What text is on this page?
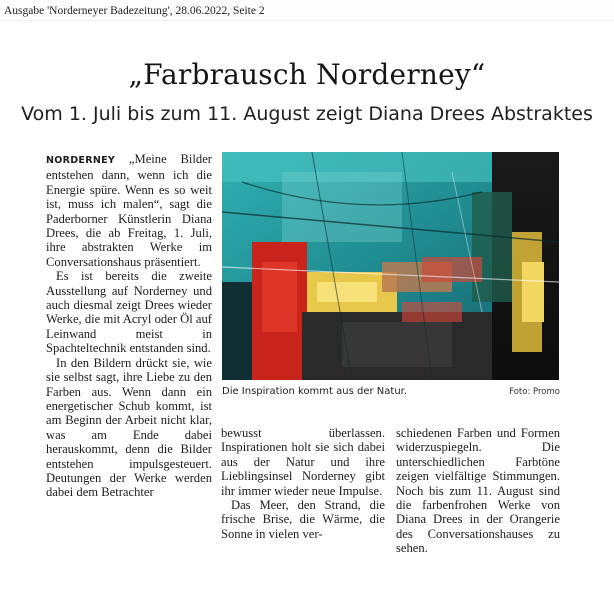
Ausgabe 'Norderneyer Badezeitung', 28.06.2022, Seite 2
„Farbrausch Norderney“
Vom 1. Juli bis zum 11. August zeigt Diana Drees Abstraktes

NORDERNEY „Meine Bilder entstehen dann, wenn ich die Energie spüre. Wenn es so weit ist, muss ich malen“, sagt die Paderborner Künstlerin Diana Drees, die ab Freitag, 1. Juli, ihre abstrakten Werke im Conversationshaus präsentiert.

Es ist bereits die zweite Ausstellung auf Norderney und auch diesmal zeigt Drees wieder Werke, die mit Acryl oder Öl auf Leinwand meist in Spachteltechnik entstanden sind.

In den Bildern drückt sie, wie sie selbst sagt, ihre Liebe zu den Farben aus. Wenn dann ein energetischer Schub kommt, ist am Beginn der Arbeit nicht klar, was am Ende dabei herauskommt, denn die Bilder entstehen impulsgesteuert. Deutungen der Werke werden dabei dem Betrachter

Die Inspiration kommt aus der Natur.	Foto: Promo

bewusst überlassen. Inspirationen holt sie sich dabei aus der Natur und ihre Lieblingsinsel Norderney gibt ihr immer wieder neue Impulse.

Das Meer, den Strand, die frische Brise, die Wärme, die Sonne in vielen ver-

schiedenen Farben und Formen widerzuspiegeln. Die unterschiedlichen Farbtöne zeigen vielfältige Stimmungen. Noch bis zum 11. August sind die farbenfrohen Werke von Diana Drees in der Orangerie des Conversationshauses zu sehen.
